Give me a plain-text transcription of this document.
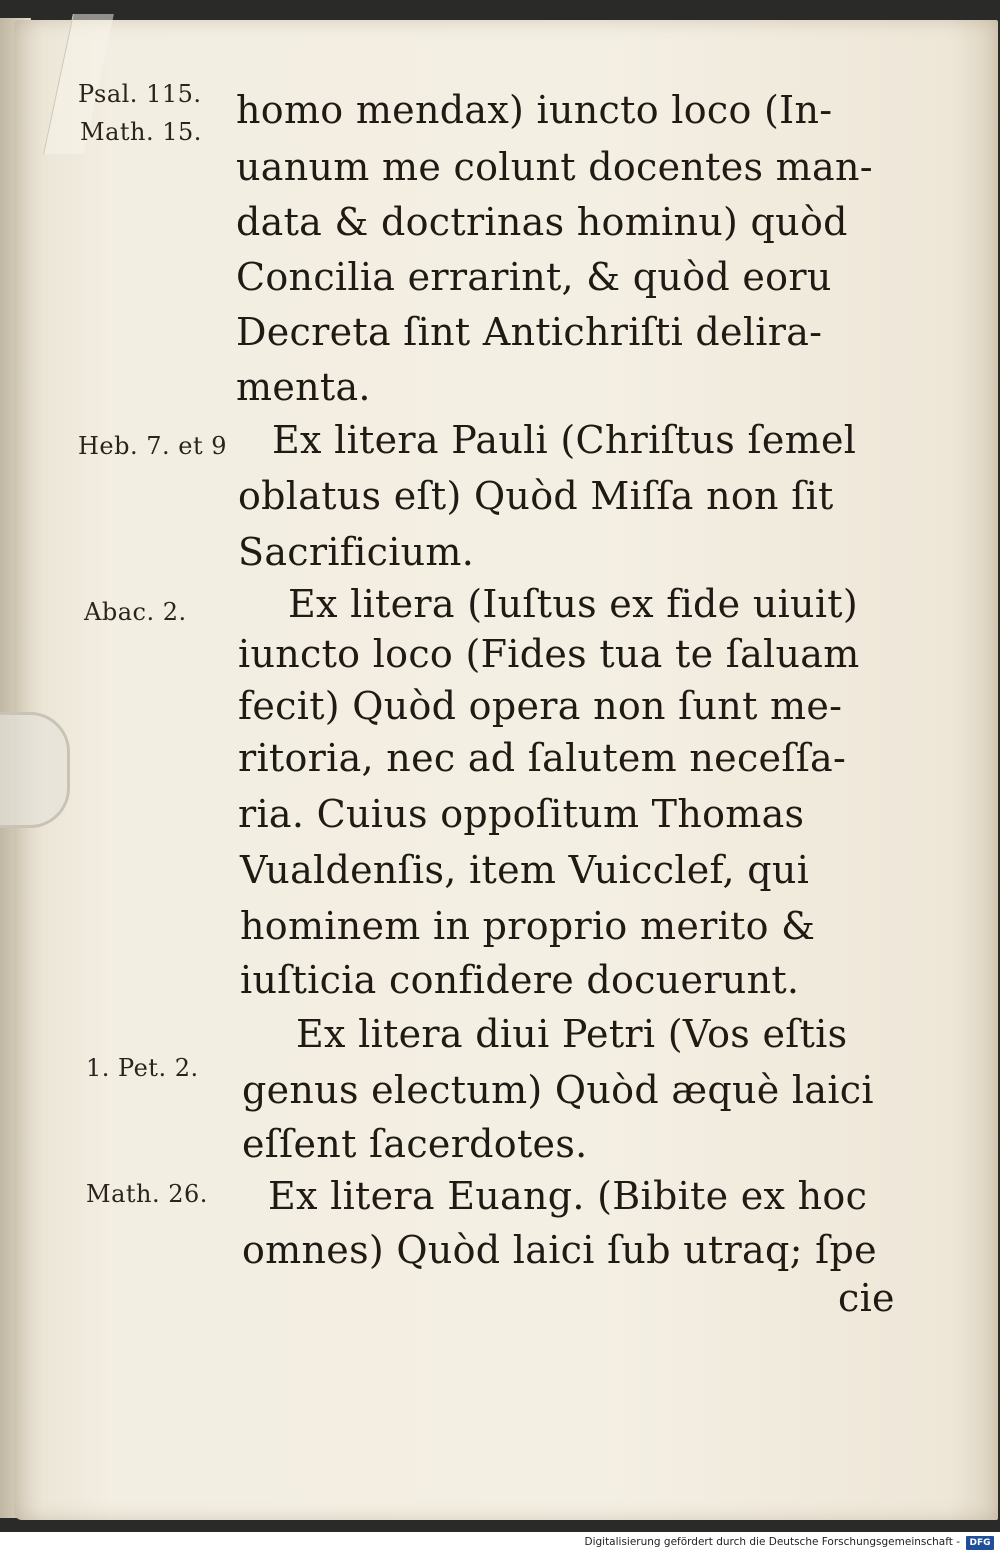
Psal. 115.
Math. 15.
Heb. 7. et 9
Abac. 2.
1. Pet. 2.
Math. 26.
homo mendax) iuncto loco (In-
uanum me colunt docentes man-
data & doctrinas hominu) quòd
Concilia errarint, & quòd eoru
Decreta ſint Antichriſti delira-
menta.
Ex litera Pauli (Chriſtus ſemel
oblatus eſt) Quòd Miſſa non ſit
Sacrificium.
Ex litera (Iuſtus ex fide uiuit)
iuncto loco (Fides tua te ſaluam
fecit) Quòd opera non ſunt me-
ritoria, nec ad ſalutem neceſſa-
ria. Cuius oppoſitum Thomas
Vualdenſis, item Vuicclef, qui
hominem in proprio merito &
iuſticia confidere docuerunt.
Ex litera diui Petri (Vos eſtis
genus electum) Quòd æquè laici
eſſent ſacerdotes.
Ex litera Euang. (Bibite ex hoc
omnes) Quòd laici ſub utraq; ſpe
cie
Digitalisierung gefördert durch die Deutsche Forschungsgemeinschaft -	DFG
